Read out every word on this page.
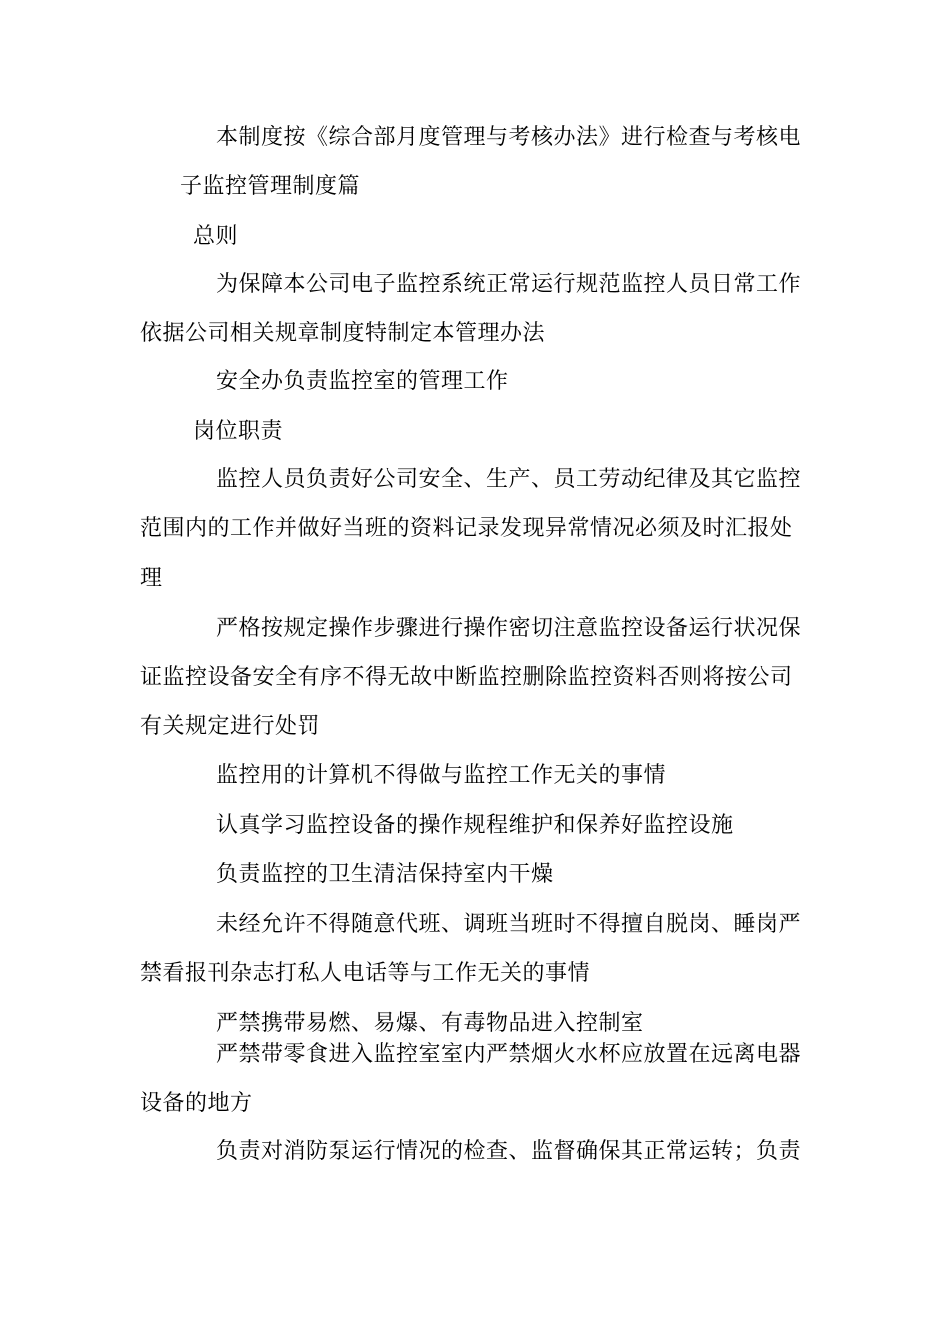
本制度按《综合部月度管理与考核办法》进行检查与考核电

子监控管理制度篇

总则

为保障本公司电子监控系统正常运行规范监控人员日常工作

依据公司相关规章制度特制定本管理办法

安全办负责监控室的管理工作

岗位职责

监控人员负责好公司安全、生产、员工劳动纪律及其它监控

范围内的工作并做好当班的资料记录发现异常情况必须及时汇报处

理

严格按规定操作步骤进行操作密切注意监控设备运行状况保

证监控设备安全有序不得无故中断监控删除监控资料否则将按公司

有关规定进行处罚

监控用的计算机不得做与监控工作无关的事情

认真学习监控设备的操作规程维护和保养好监控设施

负责监控的卫生清洁保持室内干燥

未经允许不得随意代班、调班当班时不得擅自脱岗、睡岗严

禁看报刊杂志打私人电话等与工作无关的事情

严禁携带易燃、易爆、有毒物品进入控制室

严禁带零食进入监控室室内严禁烟火水杯应放置在远离电器

设备的地方

负责对消防泵运行情况的检查、监督确保其正常运转；负责
